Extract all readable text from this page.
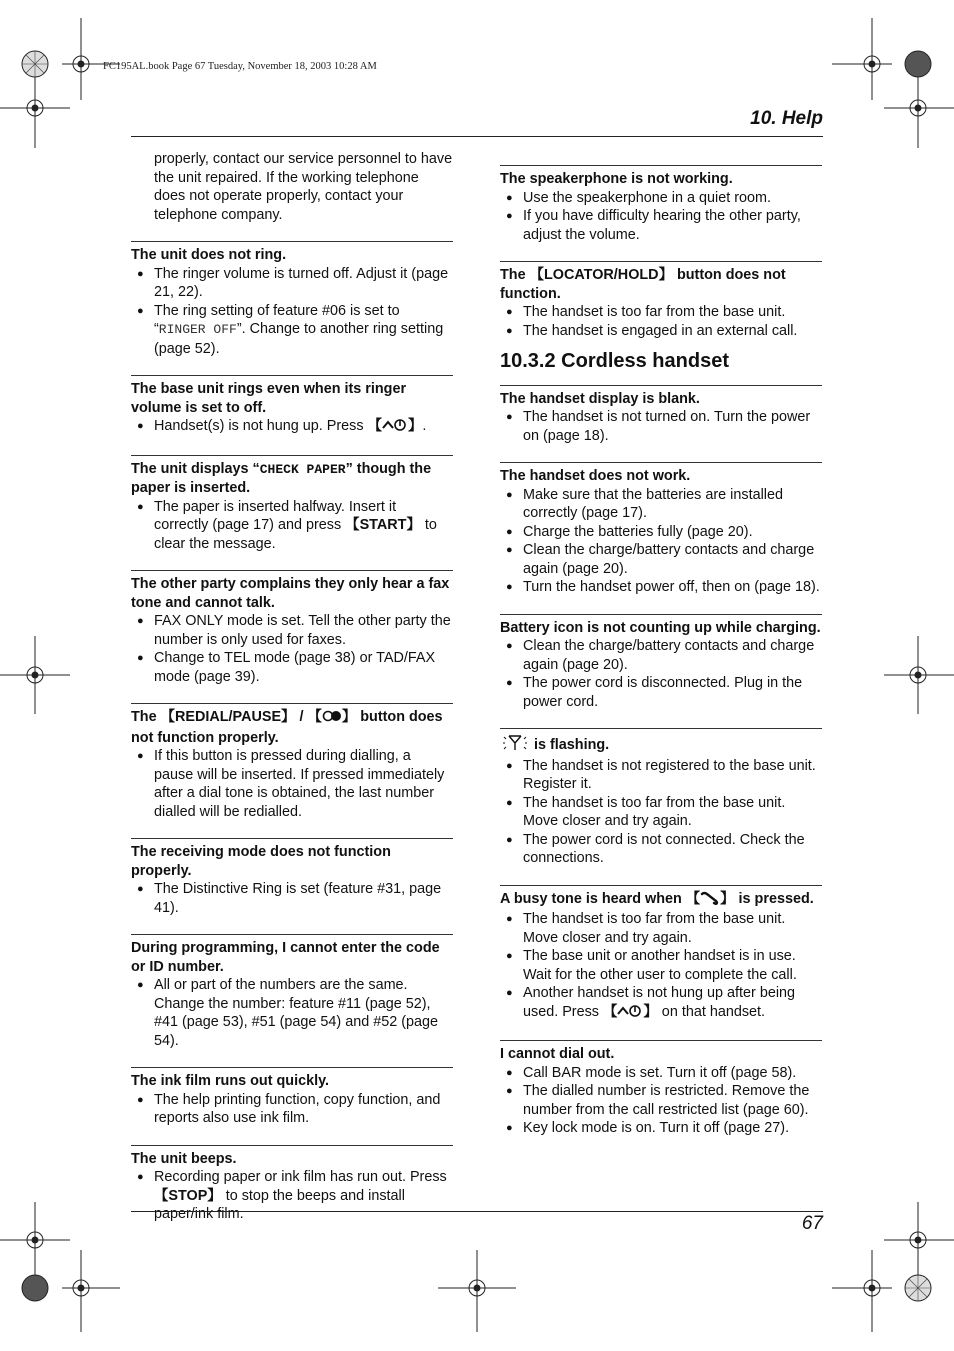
FC195AL.book Page 67 Tuesday, November 18, 2003 10:28 AM
10. Help

properly, contact our service personnel to have the unit repaired. If the working telephone does not operate properly, contact your telephone company.

The unit does not ring.

● The ringer volume is turned off. Adjust it (page 21, 22).
● The ring setting of feature #06 is set to “RINGER OFF”. Change to another ring setting (page 52).

The base unit rings even when its ringer volume is set to off.

● Handset(s) is not hung up. Press 【 】.

The unit displays “CHECK PAPER” though the paper is inserted.

● The paper is inserted halfway. Insert it correctly (page 17) and press 【START】 to clear the message.

The other party complains they only hear a fax tone and cannot talk.

● FAX ONLY mode is set. Tell the other party the number is only used for faxes.
● Change to TEL mode (page 38) or TAD/FAX mode (page 39).

The 【REDIAL/PAUSE】 / 【 】 button does not function properly.

● If this button is pressed during dialling, a pause will be inserted. If pressed immediately after a dial tone is obtained, the last number dialled will be redialled.

The receiving mode does not function properly.

● The Distinctive Ring is set (feature #31, page 41).

During programming, I cannot enter the code or ID number.

● All or part of the numbers are the same. Change the number: feature #11 (page 52), #41 (page 53), #51 (page 54) and #52 (page 54).

The ink film runs out quickly.

● The help printing function, copy function, and reports also use ink film.

The unit beeps.

● Recording paper or ink film has run out. Press 【STOP】 to stop the beeps and install paper/ink film.

The speakerphone is not working.

● Use the speakerphone in a quiet room.
● If you have difficulty hearing the other party, adjust the volume.

The 【LOCATOR/HOLD】 button does not function.

● The handset is too far from the base unit.
● The handset is engaged in an external call.
10.3.2 Cordless handset

The handset display is blank.

● The handset is not turned on. Turn the power on (page 18).

The handset does not work.

● Make sure that the batteries are installed correctly (page 17).
● Charge the batteries fully (page 20).
● Clean the charge/battery contacts and charge again (page 20).
● Turn the handset power off, then on (page 18).

Battery icon is not counting up while charging.

● Clean the charge/battery contacts and charge again (page 20).
● The power cord is disconnected. Plug in the power cord.

is flashing.

● The handset is not registered to the base unit. Register it.
● The handset is too far from the base unit. Move closer and try again.
● The power cord is not connected. Check the connections.

A busy tone is heard when 【 】 is pressed.

● The handset is too far from the base unit. Move closer and try again.
● The base unit or another handset is in use. Wait for the other user to complete the call.
● Another handset is not hung up after being used. Press 【 】 on that handset.

I cannot dial out.

● Call BAR mode is set. Turn it off (page 58).
● The dialled number is restricted. Remove the number from the call restricted list (page 60).
● Key lock mode is on. Turn it off (page 27).
67
